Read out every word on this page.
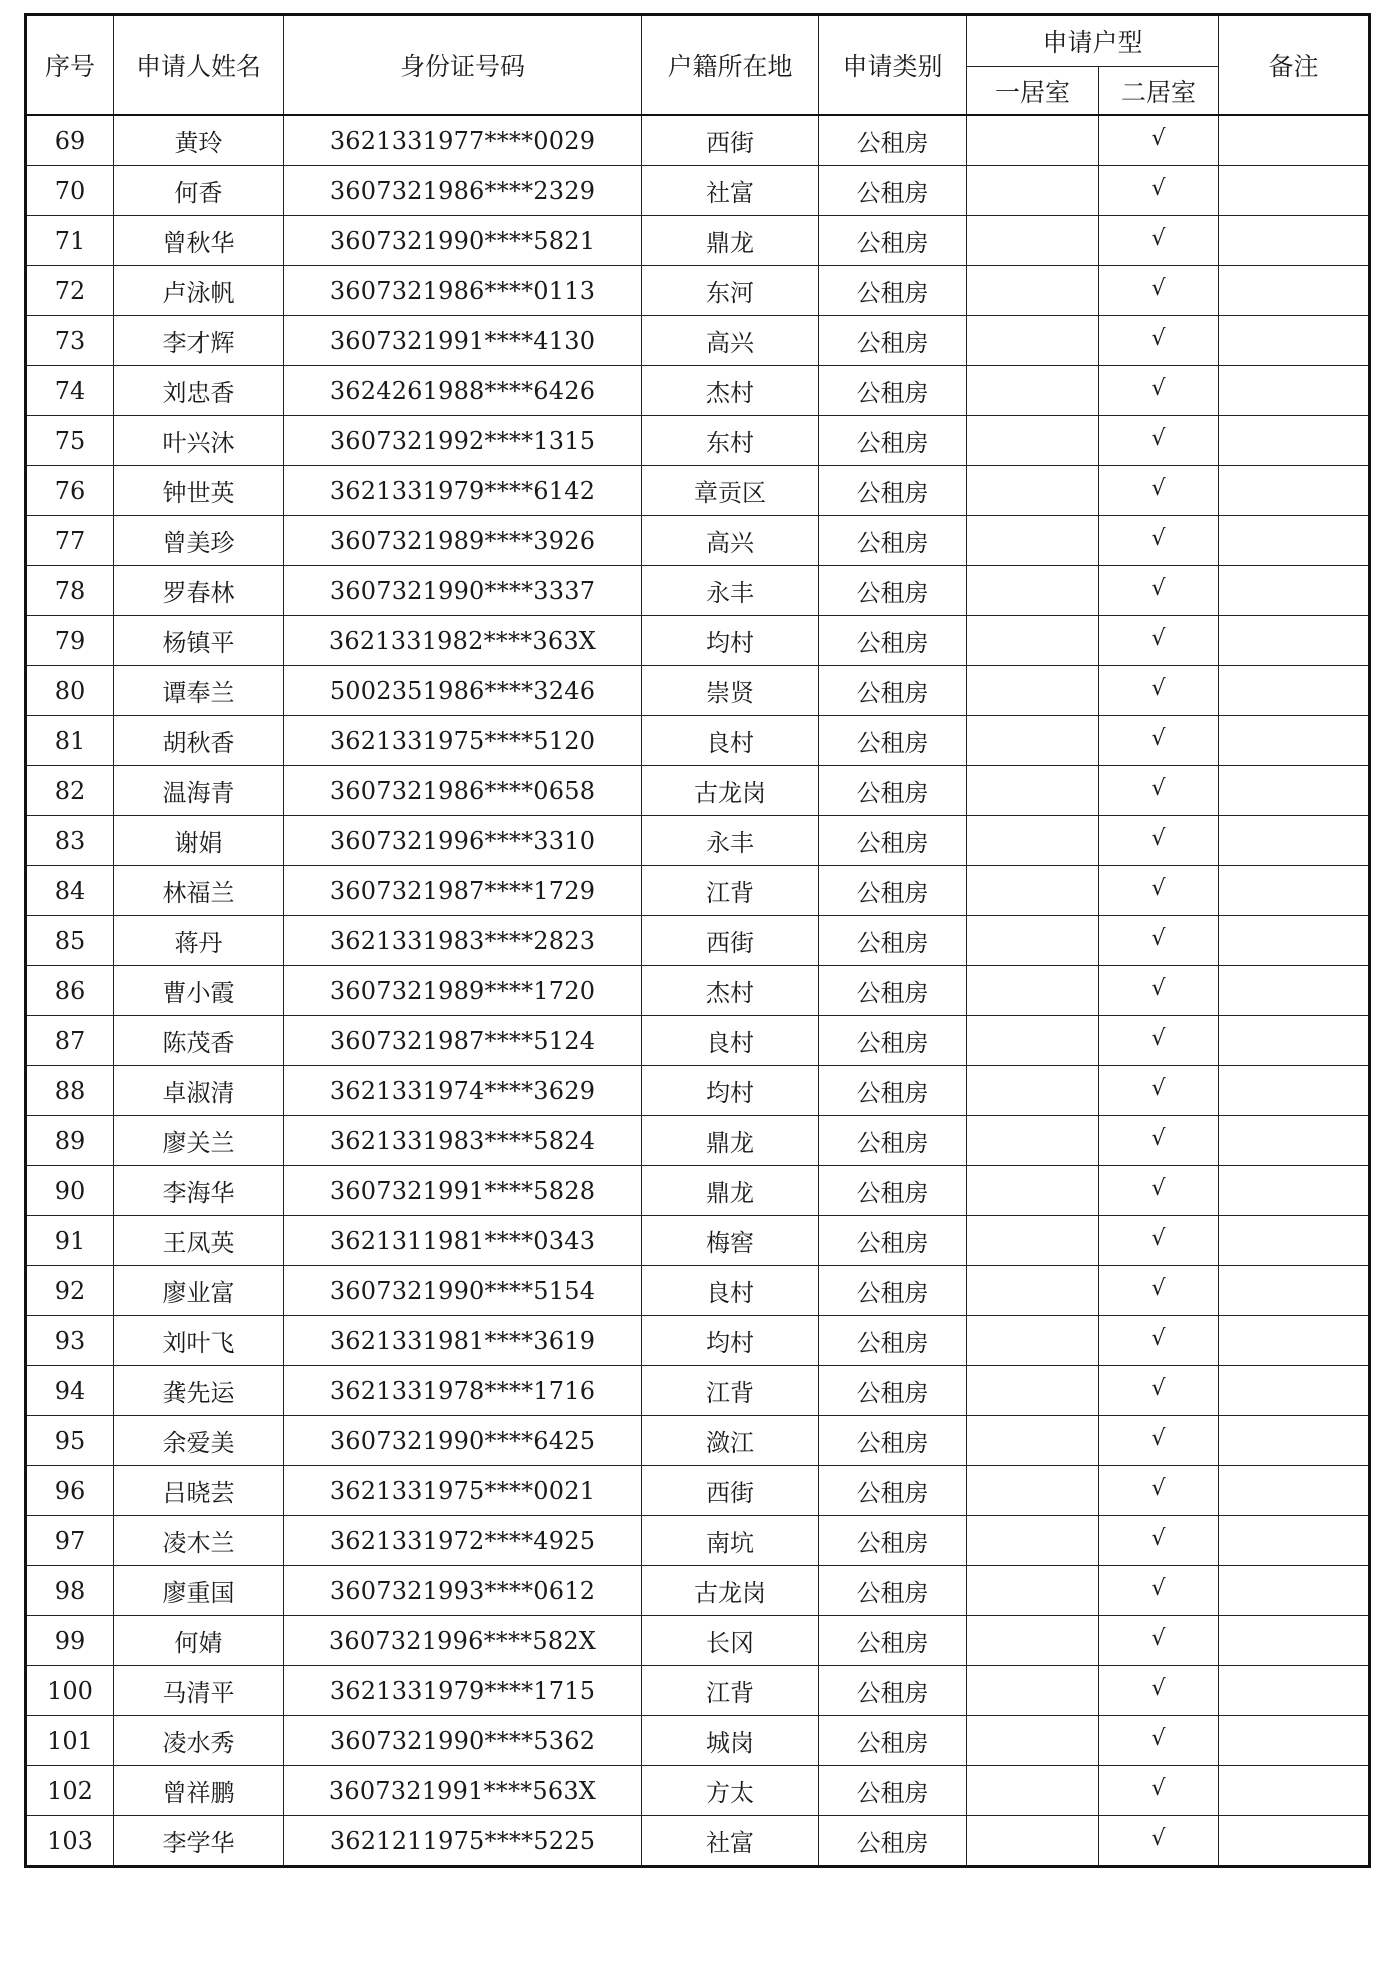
序号	申请人姓名	身份证号码	户籍所在地	申请类别	申请户型		备注
					一居室	二居室	
69	黄玲	3621331977****0029	西街	公租房		√	
70	何香	3607321986****2329	社富	公租房		√	
71	曾秋华	3607321990****5821	鼎龙	公租房		√	
72	卢泳帆	3607321986****0113	东河	公租房		√	
73	李才辉	3607321991****4130	高兴	公租房		√	
74	刘忠香	3624261988****6426	杰村	公租房		√	
75	叶兴沐	3607321992****1315	东村	公租房		√	
76	钟世英	3621331979****6142	章贡区	公租房		√	
77	曾美珍	3607321989****3926	高兴	公租房		√	
78	罗春林	3607321990****3337	永丰	公租房		√	
79	杨镇平	3621331982****363X	均村	公租房		√	
80	谭奉兰	5002351986****3246	崇贤	公租房		√	
81	胡秋香	3621331975****5120	良村	公租房		√	
82	温海青	3607321986****0658	古龙岗	公租房		√	
83	谢娟	3607321996****3310	永丰	公租房		√	
84	林福兰	3607321987****1729	江背	公租房		√	
85	蒋丹	3621331983****2823	西街	公租房		√	
86	曹小霞	3607321989****1720	杰村	公租房		√	
87	陈茂香	3607321987****5124	良村	公租房		√	
88	卓淑清	3621331974****3629	均村	公租房		√	
89	廖关兰	3621331983****5824	鼎龙	公租房		√	
90	李海华	3607321991****5828	鼎龙	公租房		√	
91	王凤英	3621311981****0343	梅窖	公租房		√	
92	廖业富	3607321990****5154	良村	公租房		√	
93	刘叶飞	3621331981****3619	均村	公租房		√	
94	龚先运	3621331978****1716	江背	公租房		√	
95	余爱美	3607321990****6425	潋江	公租房		√	
96	吕晓芸	3621331975****0021	西街	公租房		√	
97	凌木兰	3621331972****4925	南坑	公租房		√	
98	廖重国	3607321993****0612	古龙岗	公租房		√	
99	何婧	3607321996****582X	长冈	公租房		√	
100	马清平	3621331979****1715	江背	公租房		√	
101	凌水秀	3607321990****5362	城岗	公租房		√	
102	曾祥鹏	3607321991****563X	方太	公租房		√	
103	李学华	3621211975****5225	社富	公租房		√	
